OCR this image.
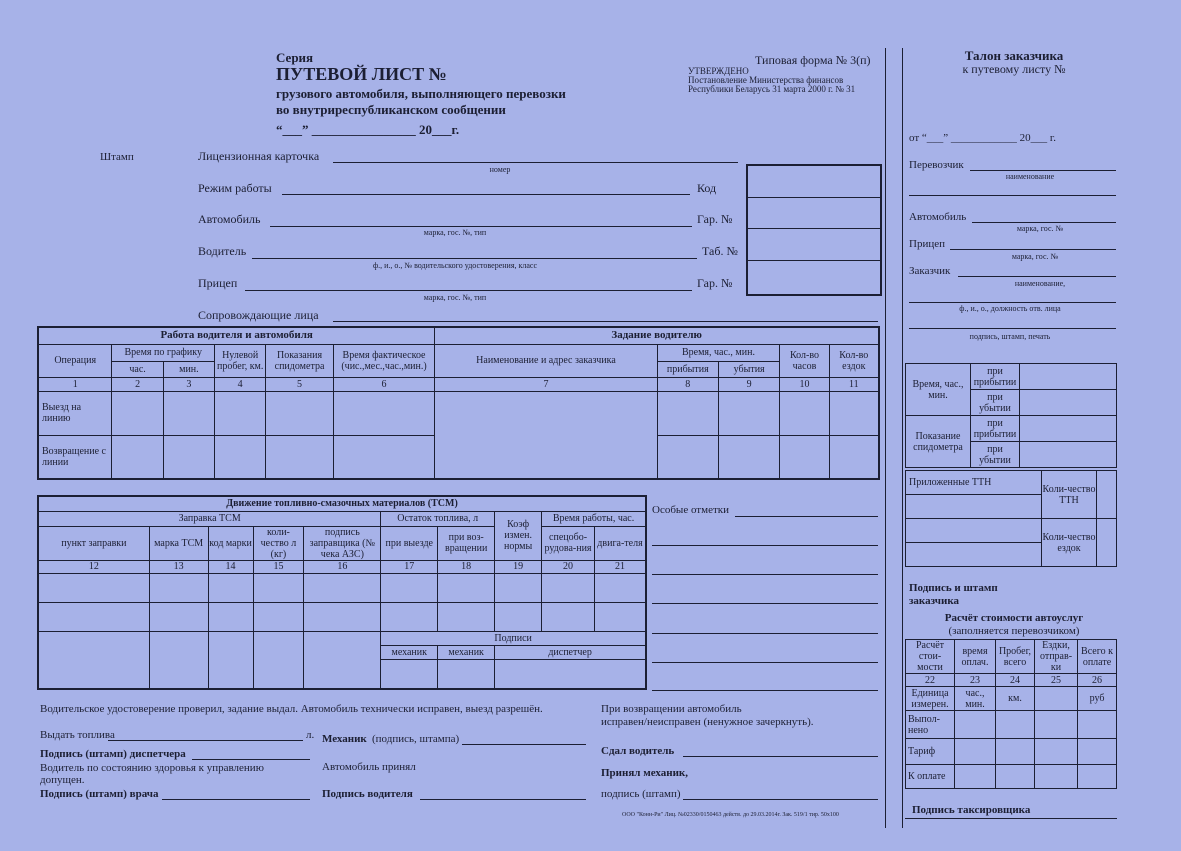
Серия
ПУТЕВОЙ ЛИСТ №
грузового автомобиля, выполняющего перевозки
во внутриреспубликанском сообщении
“___” ________________ 20___г.
Типовая форма № 3(п)
УТВЕРЖДЕНО
Постановление Министерства финансов
Республики Беларусь 31 марта 2000 г. № 31
Штамп	Лицензионная карточка
номер
Режим работы	Код
Автомобиль
марка, гос. №, тип
Гар. №
Водитель
ф., и., о., № водительского удостоверения, класс
Таб. №
Прицеп
марка, гос. №, тип
Гар. №
Сопровождающие лица
Работа водителя и автомобиля						Задание водителю				
Операция	Время по графику		Нулевой пробег, км.	Показания спидометра	Время фактическое (чис.,мес.,час.,мин.)	Наименование и адрес заказчика	Время, час., мин.		Кол-во часов	Кол-во ездок
	час.	мин.					прибытия	убытия		
1	2	3	4	5	6	7	8	9	10	11
Выезд на линию										
Возвращение с линии										
Движение топливно-смазочных материалов (ТСМ)									
Заправка ТСМ					Остаток топлива, л		Коэф измен. нормы	Время работы, час.	
пункт заправки	марка ТСМ	код марки	коли-чество л (кг)	подпись заправщика (№ чека АЗС)	при выезде	при воз-вращении		спецобо-рудова-ния	двига-теля
12	13	14	15	16	17	18	19	20	21

					Подписи				
					механик	механик	диспетчер		

Особые отметки
Водительское удостоверение проверил, задание выдал. Автомобиль технически исправен, выезд разрешён.
Выдать топлива	л.
Подпись (штамп) диспетчера
Водитель по состоянию здоровья к управлению допущен.
Подпись (штамп) врача
Механик (подпись, штампа)
Автомобиль принял
Подпись водителя
При возвращении автомобиль
исправен/неисправен (ненужное зачеркнуть).
Сдал водитель
Принял механик,
подпись (штамп)
ООО "Конн-Ри" Лиц. №02330/0150463 действ. до 29.03.2014г. Зак. 519/1 тир. 50х100
Талон заказчика
к путевому листу №
от “___” ____________ 20___ г.
Перевозчик
наименование
Автомобиль
марка, гос. №
Прицеп
марка, гос. №
Заказчик
наименование,
ф., и., о., должность отв. лица
подпись, штамп, печать
Время, час., мин.	при прибытии	
	при убытии	
Показание спидометра	при прибытии	
	при убытии	
Приложенные ТТН	Коли-чество ТТН	

	Коли-чество ездок	

Подпись и штамп заказчика
Расчёт стоимости автоуслуг
(заполняется перевозчиком)
Расчёт стои-мости	время оплач.	Пробег, всего	Ездки, отправ-ки	Всего к оплате
22	23	24	25	26
Единица измерен.	час., мин.	км.		руб
Выпол-нено				
Тариф				
К оплате				
Подпись таксировщика
